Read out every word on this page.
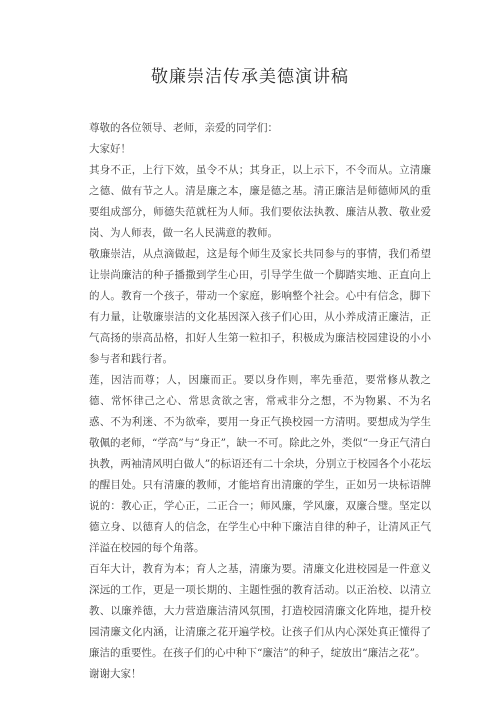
敬廉崇洁传承美德演讲稿

尊敬的各位领导、老师，亲爱的同学们：

大家好！

其身不正，上行下效，虽令不从；其身正，以上示下，不令而从。立清廉之德、做有节之人。清是廉之本，廉是德之基。清正廉洁是师德师风的重要组成部分，师德失范就枉为人师。我们要依法执教、廉洁从教、敬业爱岗、为人师表，做一名人民满意的教师。

敬廉崇洁，从点滴做起，这是每个师生及家长共同参与的事情，我们希望让崇尚廉洁的种子播撒到学生心田，引导学生做一个脚踏实地、正直向上的人。教育一个孩子，带动一个家庭，影响整个社会。心中有信念，脚下有力量，让敬廉崇洁的文化基因深入孩子们心田，从小养成清正廉洁，正气高扬的崇高品格，扣好人生第一粒扣子，积极成为廉洁校园建设的小小参与者和践行者。

莲，因洁而尊；人，因廉而正。要以身作则，率先垂范，要常修从教之德、常怀律己之心、常思贪欲之害，常戒非分之想，不为物累、不为名惑、不为利迷、不为欲牵，要用一身正气换校园一方清明。要想成为学生敬佩的老师，“学高”与“身正”，缺一不可。除此之外，类似“一身正气清白执教，两袖清风明白做人”的标语还有二十余块，分别立于校园各个小花坛的醒目处。只有清廉的教师，才能培育出清廉的学生，正如另一块标语牌说的：教心正，学心正，二正合一；师风廉，学风廉，双廉合璧。坚定以德立身、以德育人的信念，在学生心中种下廉洁自律的种子，让清风正气洋溢在校园的每个角落。

百年大计，教育为本；育人之基，清廉为要。清廉文化进校园是一件意义深远的工作，更是一项长期的、主题性强的教育活动。以正治校、以清立教、以廉养德，大力营造廉洁清风氛围，打造校园清廉文化阵地，提升校园清廉文化内涵，让清廉之花开遍学校。让孩子们从内心深处真正懂得了廉洁的重要性。在孩子们的心中种下“廉洁”的种子，绽放出“廉洁之花”。

谢谢大家！
